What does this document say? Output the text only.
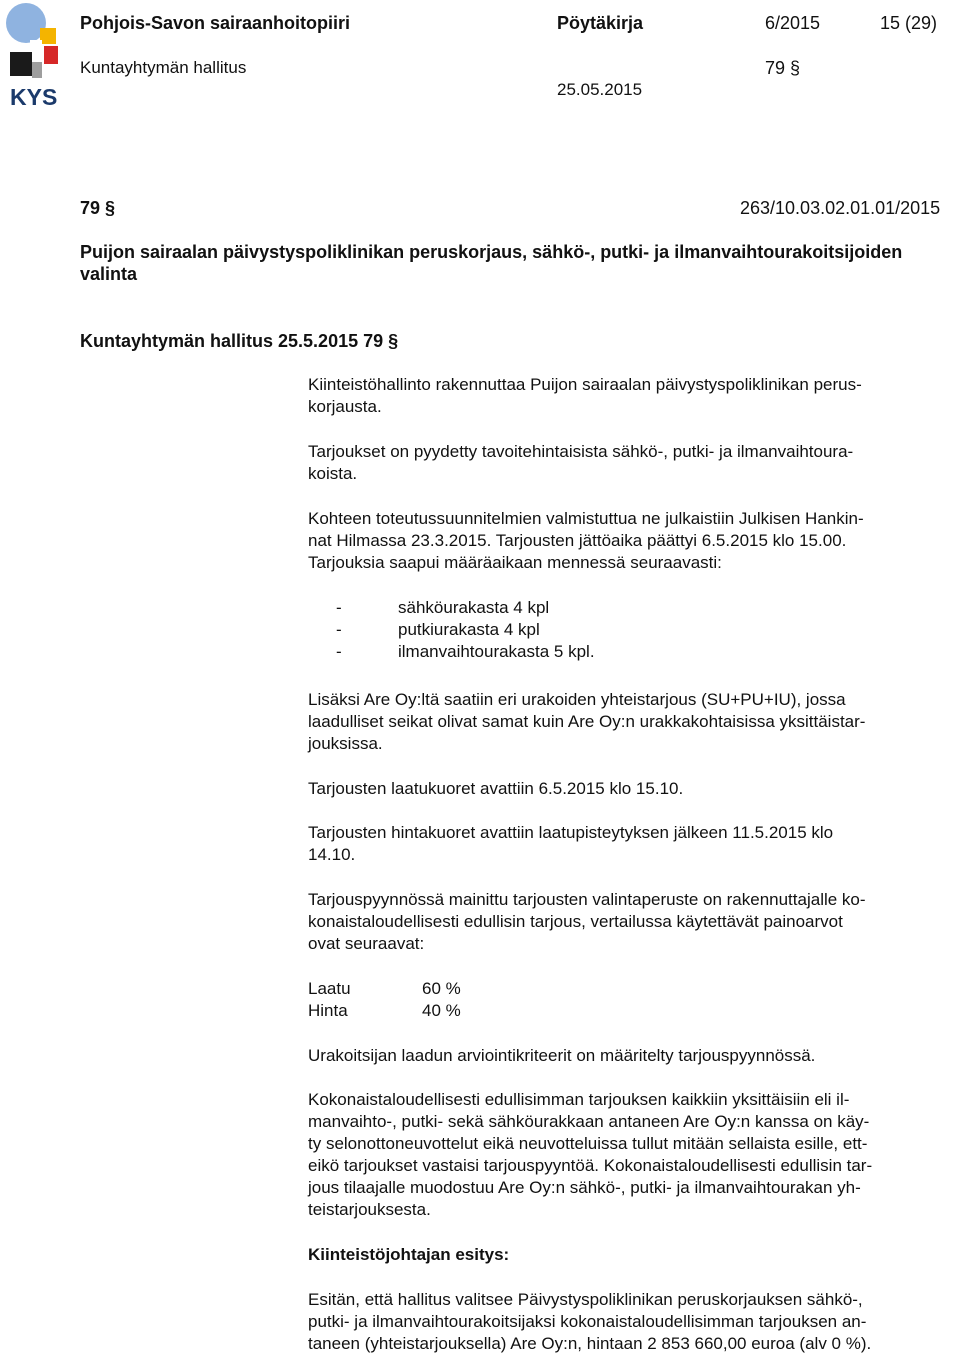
KYS
Pohjois-Savon sairaanhoitopiiri	Pöytäkirja	6/2015	15 (29)
Kuntayhtymän hallitus	79 §
25.05.2015
79 §	263/10.03.02.01.01/2015
Puijon sairaalan päivystyspoliklinikan peruskorjaus, sähkö-, putki- ja ilmanvaihtourakoitsijoiden
valinta
Kuntayhtymän hallitus 25.5.2015 79 §

Kiinteistöhallinto rakennuttaa Puijon sairaalan päivystyspoliklinikan perus-

korjausta.

Tarjoukset on pyydetty tavoitehintaisista sähkö-, putki- ja ilmanvaihtoura-

koista.

Kohteen toteutussuunnitelmien valmistuttua ne julkaistiin Julkisen Hankin-

nat Hilmassa 23.3.2015. Tarjousten jättöaika päättyi 6.5.2015 klo 15.00.

Tarjouksia saapui määräaikaan mennessä seuraavasti:

-	sähköurakasta 4 kpl

-	putkiurakasta 4 kpl

-	ilmanvaihtourakasta 5 kpl.

Lisäksi Are Oy:ltä saatiin eri urakoiden yhteistarjous (SU+PU+IU), jossa

laadulliset seikat olivat samat kuin Are Oy:n urakkakohtaisissa yksittäistar-

jouksissa.

Tarjousten laatukuoret avattiin 6.5.2015 klo 15.10.

Tarjousten hintakuoret avattiin laatupisteytyksen jälkeen 11.5.2015 klo

14.10.

Tarjouspyynnössä mainittu tarjousten valintaperuste on rakennuttajalle ko-

konaistaloudellisesti edullisin tarjous, vertailussa käytettävät painoarvot

ovat seuraavat:

Laatu	60 %

Hinta	40 %

Urakoitsijan laadun arviointikriteerit on määritelty tarjouspyynnössä.

Kokonaistaloudellisesti edullisimman tarjouksen kaikkiin yksittäisiin eli il-

manvaihto-, putki- sekä sähköurakkaan antaneen Are Oy:n kanssa on käy-

ty selonottoneuvottelut eikä neuvotteluissa tullut mitään sellaista esille, ett-

eikö tarjoukset vastaisi tarjouspyyntöä. Kokonaistaloudellisesti edullisin tar-

jous tilaajalle muodostuu Are Oy:n sähkö-, putki- ja ilmanvaihtourakan yh-

teistarjouksesta.

Kiinteistöjohtajan esitys:

Esitän, että hallitus valitsee Päivystyspoliklinikan peruskorjauksen sähkö-,

putki- ja ilmanvaihtourakoitsijaksi kokonaistaloudellisimman tarjouksen an-

taneen (yhteistarjouksella) Are Oy:n, hintaan 2 853 660,00 euroa (alv 0 %).
